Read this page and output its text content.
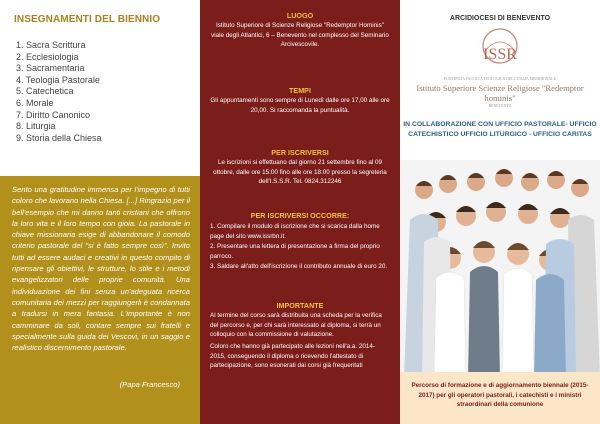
INSEGNAMENTI DEL BIENNIO
1. Sacra Scrittura
2. Ecclesiologia
3. Sacramentaria
4. Teologia Pastorale
5. Catechetica
6. Morale
7. Diritto Canonico
8. Liturgia
9. Storia della Chiesa
Sento una gratitudine immensa per l'impegno di tutti coloro che lavorano nella Chiesa. [...] Ringrazio per il bell'esempio che mi danno tanti cristiani che offrono la loro vita e il loro tempo con gioia. La pastorale in chiave missionaria esige di abbandonare il comodo criterio pastorale del "si è fatto sempre così". Invito tutti ad essere audaci e creativi in questo compito di ripensare gli obiettivi, le strutture, lo stile e i metodi evangelizzatori delle proprie comunità. Una individuazione dei fini senza un'adeguata ricerca comunitaria dei mezzi per raggiungerli è condannata a tradursi in mera fantasia. L'importante è non camminare da soli, contare sempre sui fratelli e specialmente sulla guida dei Vescovi, in un saggio e realistico discernimento pastorale.
(Papa Francesco)
LUOGO
Istituto Superiore di Scienze Religiose "Redemptor Hominis" viale degli Atlantici, 6 – Benevento nel complesso del Seminario Arcivescovile.
TEMPI
Gli appuntamenti sono sempre di Lunedì dalle ore 17,00 alle ore 20,00. Si raccomanda la puntualità.
PER ISCRIVERSI
Le iscrizioni si effettuano dal giorno 21 settembre fino al 09 ottobre, dalle ore 15:00 fino alle ore 18:00 presso la segreteria dell'I.S.S.R. Tel. 0824.312246
PER ISCRIVERSI OCCORRE:
1. Compilare il modulo di iscrizione che si scarica dalla home page del sito www.issrbn.it.
2. Presentare una lettera di presentazione a firma del proprio parroco.
3. Saldare all'atto dell'iscrizione il contributo annuale di euro 20.
IMPORTANTE
Al termine del corso sarà distribuita una scheda per la verifica del percorso e, per chi sarà interessato al diploma, si terrà un colloquio con la commissione di valutazione.
Coloro che hanno già partecipato alle lezioni nell'a.a. 2014-2015, conseguendo il diploma o ricevendo l'attestato di partecipazione, sono esonerati dai corsi già frequentati
ARCIDIOCESI DI BENEVENTO
ISSR
PONTIFICIA FACOLTÀ TEOLOGICA DELL'ITALIA MERIDIONALE
Istituto Superiore Scienze Religiose "Redemptor hominis"
BENEVENTO
IN COLLABORAZIONE CON UFFICIO PASTORALE- UFFICIO CATECHISTICO UFFICIO LITURGICO - UFFICIO CARITAS
Percorso di formazione e di aggiornamento biennale (2015-2017) per gli operatori pastorali, i catechisti e i ministri straordinari della comunione
